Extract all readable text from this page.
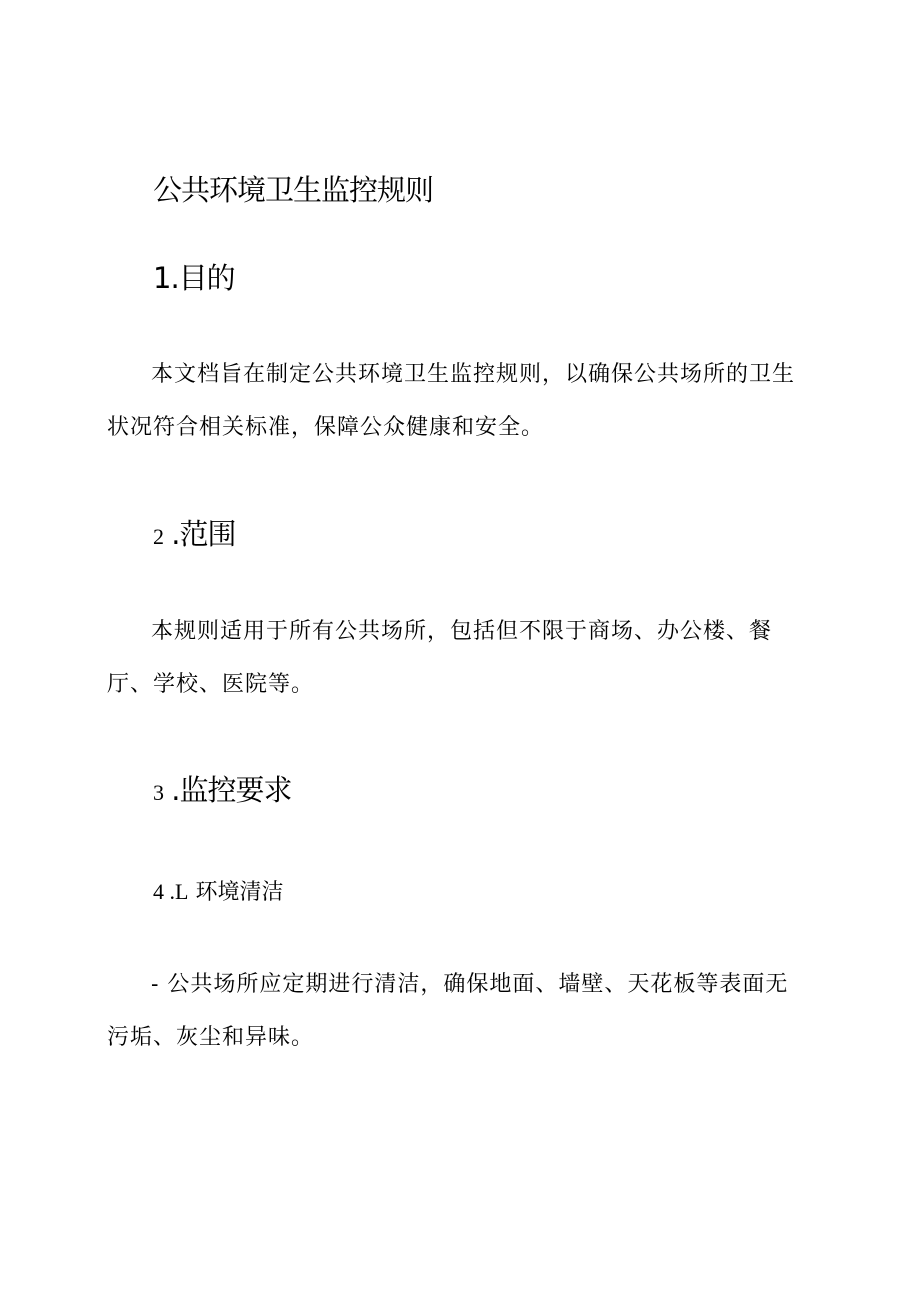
公共环境卫生监控规则
1.目的
本文档旨在制定公共环境卫生监控规则，以确保公共场所的卫生状况符合相关标准，保障公众健康和安全。
2 .范围
本规则适用于所有公共场所，包括但不限于商场、办公楼、餐厅、学校、医院等。
3 .监控要求
4 .L 环境清洁
- 公共场所应定期进行清洁，确保地面、墙壁、天花板等表面无污垢、灰尘和异味。
